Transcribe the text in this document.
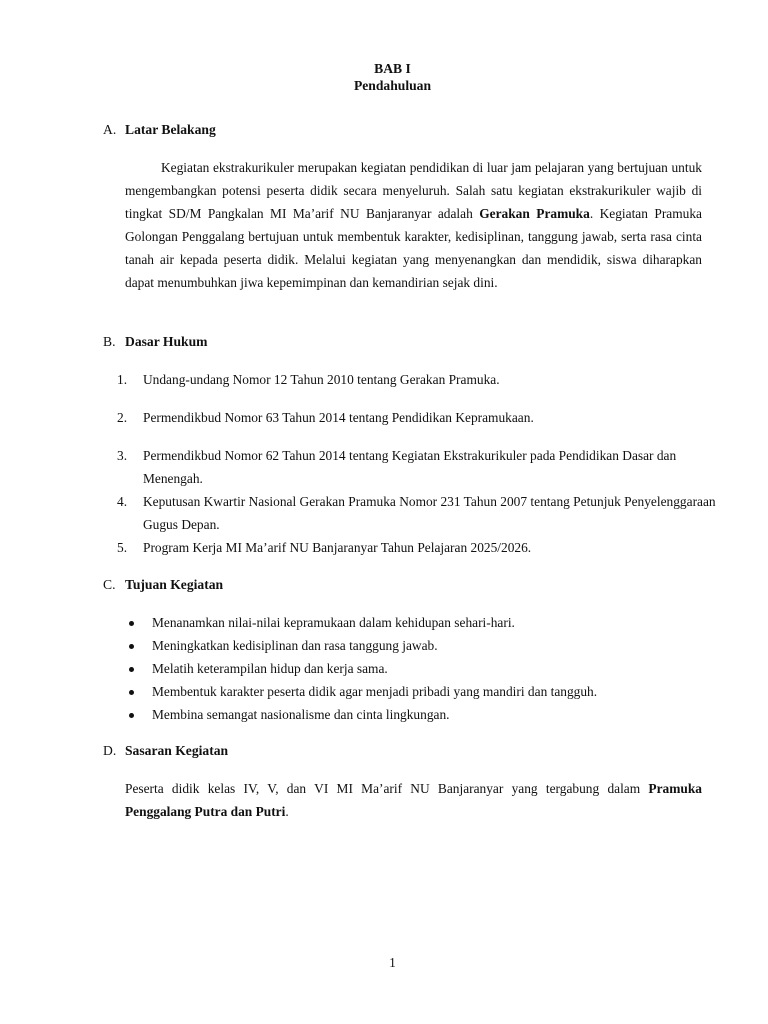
BAB I
Pendahuluan
A. Latar Belakang

Kegiatan ekstrakurikuler merupakan kegiatan pendidikan di luar jam pelajaran yang bertujuan untuk mengembangkan potensi peserta didik secara menyeluruh. Salah satu kegiatan ekstrakurikuler wajib di tingkat SD/M Pangkalan MI Ma’arif NU Banjaranyar adalah Gerakan Pramuka. Kegiatan Pramuka Golongan Penggalang bertujuan untuk membentuk karakter, kedisiplinan, tanggung jawab, serta rasa cinta tanah air kepada peserta didik. Melalui kegiatan yang menyenangkan dan mendidik, siswa diharapkan dapat menumbuhkan jiwa kepemimpinan dan kemandirian sejak dini.

B. Dasar Hukum
1. Undang-undang Nomor 12 Tahun 2010 tentang Gerakan Pramuka.
2. Permendikbud Nomor 63 Tahun 2014 tentang Pendidikan Kepramukaan.
3. Permendikbud Nomor 62 Tahun 2014 tentang Kegiatan Ekstrakurikuler pada Pendidikan Dasar dan Menengah.
4. Keputusan Kwartir Nasional Gerakan Pramuka Nomor 231 Tahun 2007 tentang Petunjuk Penyelenggaraan Gugus Depan.
5. Program Kerja MI Ma’arif NU Banjaranyar Tahun Pelajaran 2025/2026.
C. Tujuan Kegiatan
Menanamkan nilai-nilai kepramukaan dalam kehidupan sehari-hari.
Meningkatkan kedisiplinan dan rasa tanggung jawab.
Melatih keterampilan hidup dan kerja sama.
Membentuk karakter peserta didik agar menjadi pribadi yang mandiri dan tangguh.
Membina semangat nasionalisme dan cinta lingkungan.
D. Sasaran Kegiatan

Peserta didik kelas IV, V, dan VI MI Ma’arif NU Banjaranyar yang tergabung dalam Pramuka Penggalang Putra dan Putri.

1
